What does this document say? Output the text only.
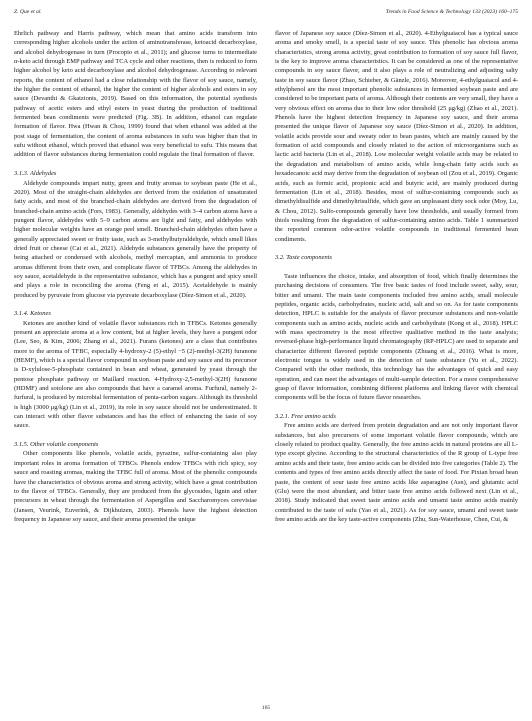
Z. Que et al.	Trends in Food Science & Technology 133 (2023) 160–175

Ehrlich pathway and Harris pathway, which mean that amino acids transform into corresponding higher alcohols under the action of aminotransferase, ketoacid decarboxylase, and alcohol dehydrogenase in turn (Procopio et al., 2011); and glucose turns to intermediate α-keto acid through EMP pathway and TCA cycle and other reactions, then is reduced to form higher alcohol by keto acid decarboxylase and alcohol dehydrogenase. According to relevant reports, the content of ethanol had a close relationship with the flavor of soy sauce, namely, the higher the content of ethanol, the higher the content of higher alcohols and esters in soy sauce (Devanthi & Gkatzionis, 2019). Based on this information, the potential synthesis pathway of acetic esters and ethyl esters in yeast during the production of traditional fermented bean condiments were predicted (Fig. 3B). In addition, ethanol can regulate formation of flavor. Hwa (Hwan & Chou, 1999) found that when ethanol was added at the post stage of fermentation, the content of aroma substances in sufu was higher than that in sufu without ethanol, which proved that ethanol was very beneficial to sufu. This means that addition of flavor substances during fermentation could regulate the final formation of flavor.

3.1.3. Aldehydes

Aldehyde compounds impart nutty, green and fruity aromas to soybean paste (He et al., 2020). Most of the straight-chain aldehydes are derived from the oxidation of unsaturated fatty acids, and most of the branched-chain aldehydes are derived from the degradation of branched-chain amino acids (Fors, 1983). Generally, aldehydes with 3–4 carbon atoms have a pungent flavor, aldehydes with 5–9 carbon atoms are light and fatty, and aldehydes with higher molecular weights have an orange peel smell. Branched-chain aldehydes often have a generally appreciated sweet or fruity taste, such as 3-methylbutyraldehyde, which smell likes dried fruit or cheese (Cai et al., 2021). Aldehyde substances generally have the property of being attached or condensed with alcohols, methyl mercaptan, and ammonia to produce aromas different from their own, and complicate flavor of TFBCs. Among the aldehydes in soy sauce, acetaldehyde is the representative substance, which has a pungent and spicy smell and plays a role in reconciling the aroma (Feng et al., 2015). Acetaldehyde is mainly produced by pyruvate from glucose via pyruvate decarboxylase (Díez-Simon et al., 2020).

3.1.4. Ketones

Ketones are another kind of volatile flavor substances rich in TFBCs. Ketones generally present an appreciate aroma at a low content, but at higher levels, they have a pungent odor (Lee, Seo, & Kim, 2006; Zhang et al., 2021). Furans (ketones) are a class that contributes more to the aroma of TFBC, especially 4-hydroxy-2 (5)-ethyl −5 (2)-methyl-3(2H) furanone (HEMF), which is a special flavor compound in soybean paste and soy sauce and its precursor is D-xylulose-5-phosphate contained in bean and wheat, generated by yeast through the pentose phosphate pathway or Maillard reaction. 4-Hydroxy-2,5-methyl-3(2H) furanone (HDMF) and sotolone are also compounds that have a caramel aroma. Furfural, namely 2-furfural, is produced by microbial fermentation of penta-carbon sugars. Although its threshold is high (3000 μg/kg) (Lin et al., 2019), its role in soy sauce should not be underestimated. It can interact with other flavor substances and has the effect of enhancing the taste of soy sauce.

3.1.5. Other volatile components

Other components like phenols, volatile acids, pyrazine, sulfur-containing also play important roles in aroma formation of TFBCs. Phenols endow TFBCs with rich spicy, soy sauce and roasting aromas, making the TFBC full of aroma. Most of the phenolic compounds have the characteristics of obvious aroma and strong activity, which have a great contribution to the flavor of TFBCs. Generally, they are produced from the glycosides, lignin and other precursors in wheat through the fermentation of Aspergillus and Saccharomyces cerevisiae (Jansen, Veurink, Euverink, & Dijkhuizen, 2003). Phenols have the highest detection frequency in Japanese soy sauce, and their aroma presented the unique

flavor of Japanese soy sauce (Díez-Simon et al., 2020). 4-Ethylguaiacol has a typical sauce aroma and smoky smell, is a special taste of soy sauce. This phenolic has obvious aroma characteristics, strong aroma activity, great contribution to formation of soy sauce full flavor, is the key to improve aroma characteristics. It can be considered as one of the representative compounds in soy sauce flavor, and it also plays a role of neutralizing and adjusting salty taste in soy sauce flavor (Zhao, Schieber, & Gänzle, 2016). Moreover, 4-ethylguaiacol and 4-ethylphenol are the most important phenolic substances in fermented soybean paste and are considered to be important parts of aroma. Although their contents are very small, they have a very obvious effect on aroma due to their low odor threshold (25 μg/kg) (Zhao et al., 2021). Phenols have the highest detection frequency in Japanese soy sauce, and their aroma presented the unique flavor of Japanese soy sauce (Díez-Simon et al., 2020). In addition, volatile acids provide sour and sweaty odor to bean pastes, which are mainly caused by the formation of acid compounds and closely related to the action of microorganisms such as lactic acid bacteria (Lin et al., 2018). Low molecular weight volatile acids may be related to the degradation and metabolism of amino acids, while long-chain fatty acids such as hexadecanoic acid may derive from the degradation of soybean oil (Zou et al., 2019). Organic acids, such as formic acid, propionic acid and butyric acid, are mainly produced during fermentation (Lin et al., 2018). Besides, most of sulfur-containing compounds such as dimethyldisulfide and dimethyltrisulfide, which gave an unpleasant dirty sock odor (Moy, Lu, & Chou, 2012). Sulfo-compounds generally have low thresholds, and usually formed from thiols resulting from the degradation of sulfur-containing amino acids. Table 1 summarized the reported common odor-active volatile compounds in traditional fermented bean condiments.

3.2. Taste components

Taste influences the choice, intake, and absorption of food, which finally determines the purchasing decisions of consumers. The five basic tastes of food include sweet, salty, sour, bitter and umami. The main taste components included free amino acids, small molecule peptides, organic acids, carbohydrates, nucleic acid, salt and so on. As for taste components detection, HPLC is suitable for the analysis of flavor precursor substances and non-volatile components such as amino acids, nucleic acids and carbohydrate (Kong et al., 2018). HPLC with mass spectrometry is the most effective qualitative method in the taste analysis; reversed-phase high-performance liquid chromatography (RP-HPLC) are used to separate and characterize different flavored peptide components (Zhuang et al., 2016). What is more, electronic tongue is widely used in the detection of taste substance (Yu et al., 2022). Compared with the other methods, this technology has the advantages of quick and easy operation, and can meet the advantages of multi-sample detection. For a more comprehensive grasp of flavor information, combining different platforms and linking flavor with chemical components will be the focus of future flavor researches.

3.2.1. Free amino acids

Free amino acids are derived from protein degradation and are not only important flavor substances, but also precursors of some important volatile flavor compounds, which are closely related to product quality. Generally, the free amino acids in natural proteins are all L-type except glycine. According to the structural characteristics of the R group of L-type free amino acids and their taste, free amino acids can be divided into five categories (Table 2). The contents and types of free amino acids directly affect the taste of food. For Pixian broad bean paste, the content of sour taste free amino acids like asparagine (Asn), and glutamic acid (Glu) were the most abundant, and bitter taste free amino acids followed next (Lin et al., 2018). Study indicated that sweet taste amino acids and umami taste amino acids mainly contributed to the taste of sufu (Yao et al., 2021). As for soy sauce, umami and sweet taste free amino acids are the key taste-active components (Zhu, Sun-Waterhouse, Chen, Cui, &

165
